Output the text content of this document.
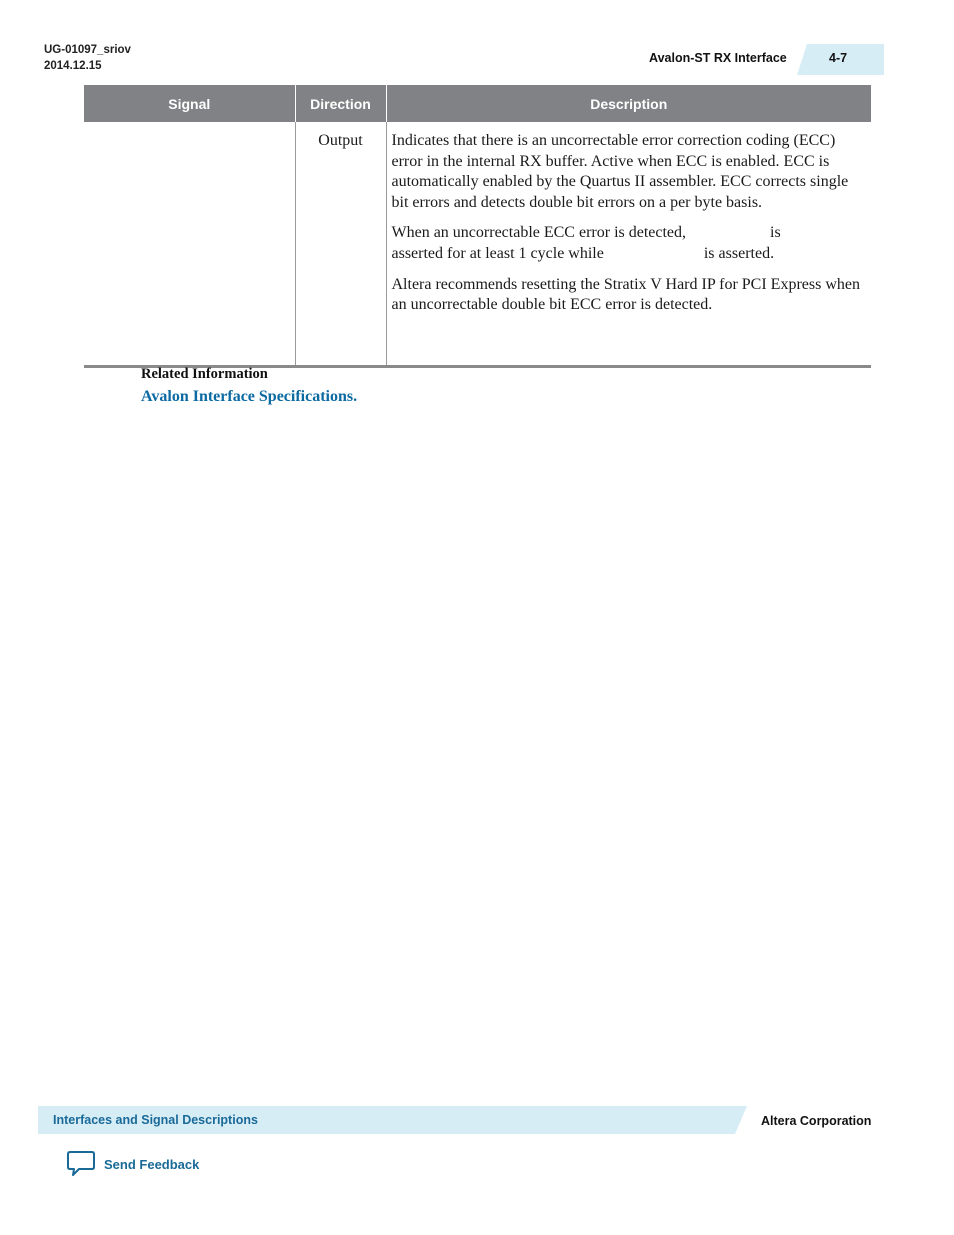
UG-01097_sriov
2014.12.15
Avalon-ST RX Interface	4-7
Signal	Direction	Description
	Output	Indicates that there is an uncorrectable error correction coding (ECC) error in the internal RX buffer. Active when ECC is enabled. ECC is automatically enabled by the Quartus II assembler. ECC corrects single bit errors and detects double bit errors on a per byte basis.

When an uncorrectable ECC error is detected, is
asserted for at least 1 cycle while is asserted.

Altera recommends resetting the Stratix V Hard IP for PCI Express when an uncorrectable double bit ECC error is detected.

Related Information
Avalon Interface Specifications.
Interfaces and Signal Descriptions	Altera Corporation
Send Feedback
